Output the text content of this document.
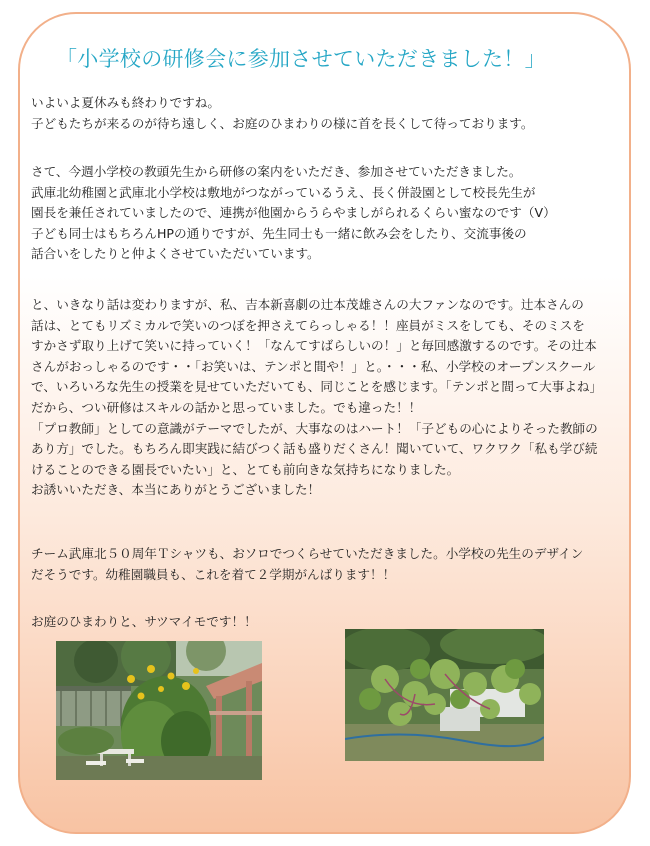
「小学校の研修会に参加させていただきました！」

いよいよ夏休みも終わりですね。
子どもたちが来るのが待ち遠しく、お庭のひまわりの様に首を長くして待っております。

さて、今週小学校の教頭先生から研修の案内をいただき、参加させていただきました。
武庫北幼稚園と武庫北小学校は敷地がつながっているうえ、長く併設園として校長先生が
園長を兼任されていましたので、連携が他園からうらやましがられるくらい蜜なのです（V）
子ども同士はもちろんHPの通りですが、先生同士も一緒に飲み会をしたり、交流事後の
話合いをしたりと仲よくさせていただいています。

と、いきなり話は変わりますが、私、吉本新喜劇の辻本茂雄さんの大ファンなのです。辻本さんの
話は、とてもリズミカルで笑いのつぼを押さえてらっしゃる！！座員がミスをしても、そのミスを
すかさず取り上げて笑いに持っていく！「なんてすばらしいの！」と毎回感激するのです。その辻本
さんがおっしゃるのです・・「お笑いは、テンポと間や！」と。・・・私、小学校のオープンスクール
で、いろいろな先生の授業を見せていただいても、同じことを感じます。「テンポと間って大事よね」
だから、つい研修はスキルの話かと思っていました。でも違った！！
「プロ教師」としての意識がテーマでしたが、大事なのはハート！「子どもの心によりそった教師の
あり方」でした。もちろん即実践に結びつく話も盛りだくさん！聞いていて、ワクワク「私も学び続
けることのできる園長でいたい」と、とても前向きな気持ちになりました。
お誘いいただき、本当にありがとうございました！

チーム武庫北５０周年Ｔシャツも、おソロでつくらせていただきました。小学校の先生のデザイン
だそうです。幼稚園職員も、これを着て２学期がんばります！！

お庭のひまわりと、サツマイモです！！
